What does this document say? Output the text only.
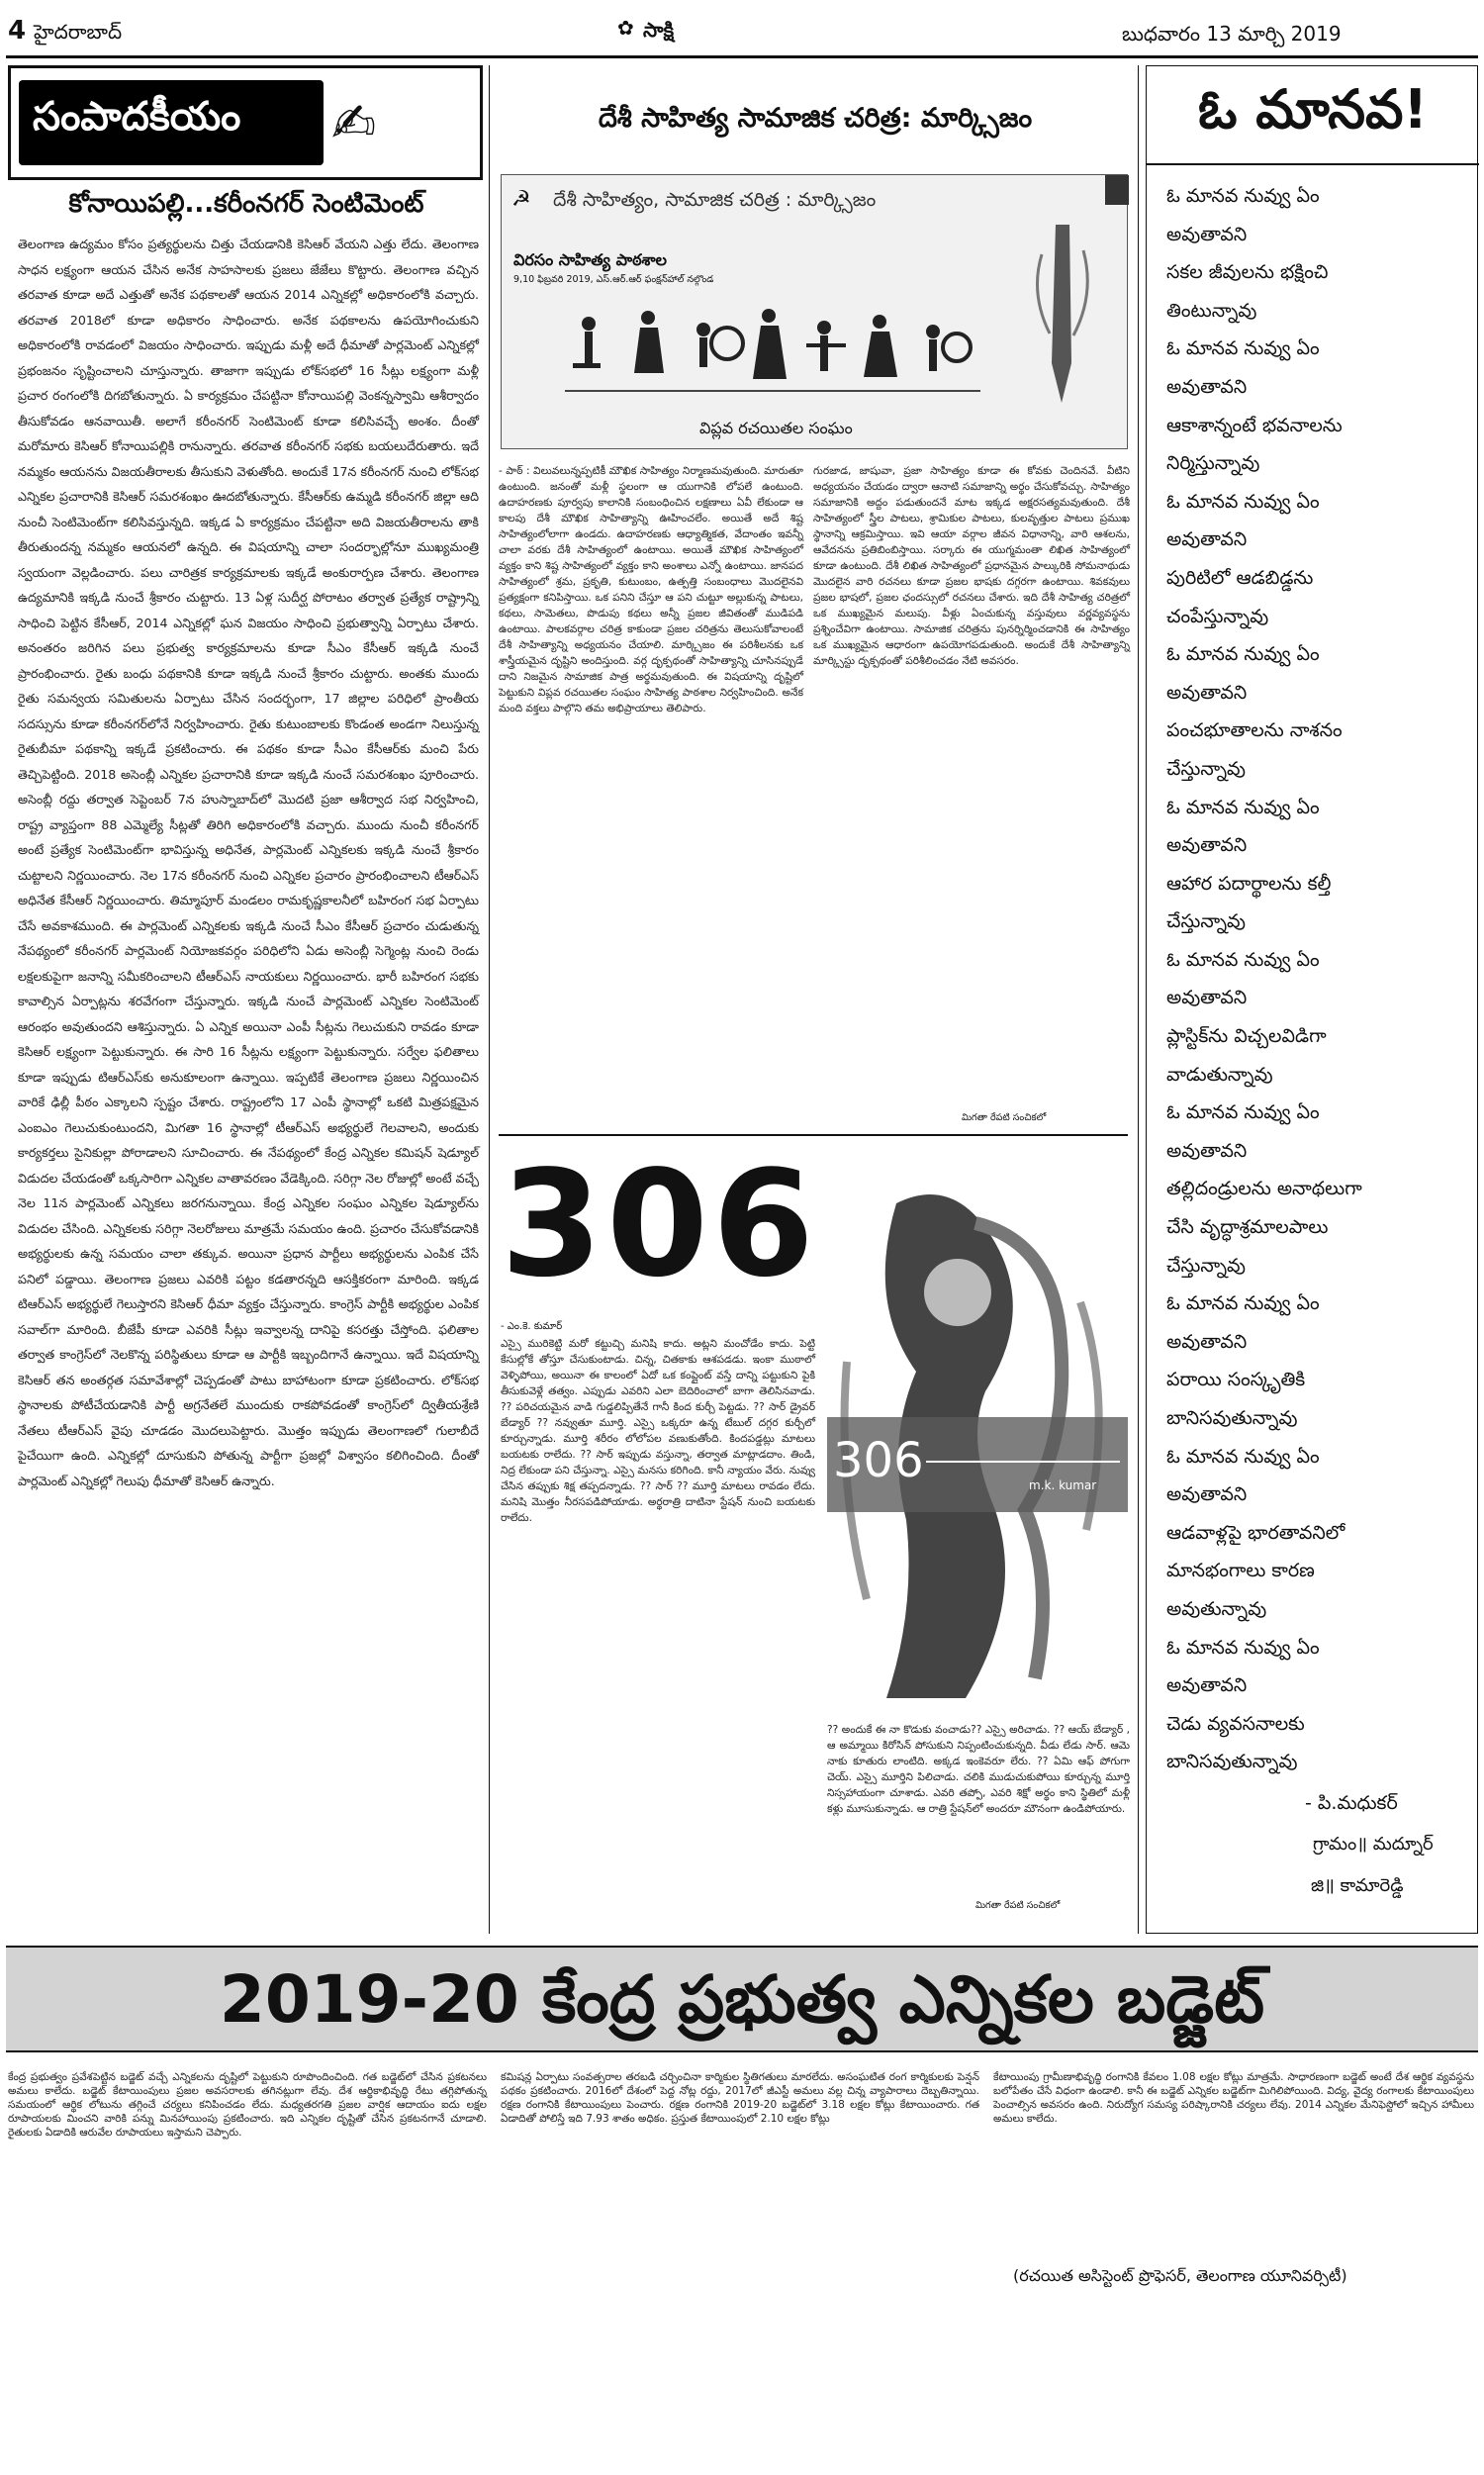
4 హైదరాబాద్	✿ సాక్షి	బుధవారం 13 మార్చి 2019
సంపాదకీయం ✍
కోనాయిపల్లి...కరీంనగర్ సెంటిమెంట్
తెలంగాణ ఉద్యమం కోసం ప్రత్యర్థులను చిత్తు చేయడానికి కెసిఆర్ వేయని ఎత్తు లేదు. తెలంగాణ సాధన లక్ష్యంగా ఆయన చేసిన అనేక సాహసాలకు ప్రజలు జేజేలు కొట్టారు. తెలంగాణ వచ్చిన తరవాత కూడా అదే ఎత్తుతో అనేక పథకాలతో ఆయన 2014 ఎన్నికల్లో అధికారంలోకి వచ్చారు. తరవాత 2018లో కూడా అధికారం సాధించారు. అనేక పథకాలను ఉపయోగించుకుని అధికారంలోకి రావడంలో విజయం సాధించారు. ఇప్పుడు మళ్లీ అదే ధీమాతో పార్లమెంట్ ఎన్నికల్లో ప్రభంజనం సృష్టించాలని చూస్తున్నారు. తాజాగా ఇప్పుడు లోక్‌సభలో 16 సీట్లు లక్ష్యంగా మళ్లీ ప్రచార రంగంలోకి దిగబోతున్నారు. ఏ కార్యక్రమం చేపట్టినా కోనాయిపల్లి వెంకన్నస్వామి ఆశీర్వాదం తీసుకోవడం ఆనవాయితీ. అలాగే కరీంనగర్ సెంటిమెంట్ కూడా కలిసివచ్చే అంశం. దీంతో మరోమారు కెసిఆర్ కోనాయిపల్లికి రానున్నారు. తరవాత కరీంనగర్ సభకు బయలుదేరుతారు. ఇదే నమ్మకం ఆయనను విజయతీరాలకు తీసుకుని వెళుతోంది. అందుకే 17న కరీంనగర్ నుంచి లోక్‌సభ ఎన్నికల ప్రచారానికి కెసిఆర్ సమరశంఖం ఊదబోతున్నారు. కేసీఆర్‌కు ఉమ్మడి కరీంనగర్ జిల్లా ఆది నుంచీ సెంటిమెంట్‌గా కలిసివస్తున్నది. ఇక్కడ ఏ కార్యక్రమం చేపట్టినా అది విజయతీరాలను తాకి తీరుతుందన్న నమ్మకం ఆయనలో ఉన్నది. ఈ విషయాన్ని చాలా సందర్భాల్లోనూ ముఖ్యమంత్రి స్వయంగా వెల్లడించారు. పలు చారిత్రక కార్యక్రమాలకు ఇక్కడే అంకురార్పణ చేశారు. తెలంగాణ ఉద్యమానికి ఇక్కడి నుంచే శ్రీకారం చుట్టారు. 13 ఏళ్ల సుదీర్ఘ పోరాటం తర్వాత ప్రత్యేక రాష్ట్రాన్ని సాధించి పెట్టిన కేసీఆర్, 2014 ఎన్నికల్లో ఘన విజయం సాధించి ప్రభుత్వాన్ని ఏర్పాటు చేశారు. అనంతరం జరిగిన పలు ప్రభుత్వ కార్యక్రమాలను కూడా సీఎం కేసీఆర్ ఇక్కడి నుంచే ప్రారంభించారు. రైతు బంధు పథకానికి కూడా ఇక్కడి నుంచే శ్రీకారం చుట్టారు. అంతకు ముందు రైతు సమన్వయ సమితులను ఏర్పాటు చేసిన సందర్భంగా, 17 జిల్లాల పరిధిలో ప్రాంతీయ సదస్సును కూడా కరీంనగర్‌లోనే నిర్వహించారు. రైతు కుటుంబాలకు కొండంత అండగా నిలుస్తున్న రైతుబీమా పథకాన్ని ఇక్కడే ప్రకటించారు. ఈ పథకం కూడా సీఎం కేసీఆర్‌కు మంచి పేరు తెచ్చిపెట్టింది. 2018 అసెంబ్లీ ఎన్నికల ప్రచారానికి కూడా ఇక్కడి నుంచే సమరశంఖం పూరించారు. అసెంబ్లీ రద్దు తర్వాత సెప్టెంబర్ 7న హుస్నాబాద్‌లో మొదటి ప్రజా ఆశీర్వాద సభ నిర్వహించి, రాష్ట్ర వ్యాప్తంగా 88 ఎమ్మెల్యే సీట్లతో తిరిగి అధికారంలోకి వచ్చారు. ముందు నుంచీ కరీంనగర్ అంటే ప్రత్యేక సెంటిమెంట్‌గా భావిస్తున్న అధినేత, పార్లమెంట్ ఎన్నికలకు ఇక్కడి నుంచే శ్రీకారం చుట్టాలని నిర్ణయించారు. నెల 17న కరీంనగర్ నుంచి ఎన్నికల ప్రచారం ప్రారంభించాలని టీఆర్ఎస్ అధినేత కేసీఆర్ నిర్ణయించారు. తిమ్మాపూర్ మండలం రామకృష్ణకాలనీలో బహిరంగ సభ ఏర్పాటు చేసే అవకాశముంది. ఈ పార్లమెంట్ ఎన్నికలకు ఇక్కడి నుంచే సీఎం కేసీఆర్ ప్రచారం చుడుతున్న నేపథ్యంలో కరీంనగర్ పార్లమెంట్ నియోజకవర్గం పరిధిలోని ఏడు అసెంబ్లీ సెగ్మెంట్ల నుంచి రెండు లక్షలకుపైగా జనాన్ని సమీకరించాలని టీఆర్ఎస్ నాయకులు నిర్ణయించారు. భారీ బహిరంగ సభకు కావాల్సిన ఏర్పాట్లను శరవేగంగా చేస్తున్నారు. ఇక్కడి నుంచే పార్లమెంట్ ఎన్నికల సెంటిమెంట్ ఆరంభం అవుతుందని ఆశిస్తున్నారు. ఏ ఎన్నిక అయినా ఎంపీ సీట్లను గెలుచుకుని రావడం కూడా కెసిఆర్ లక్ష్యంగా పెట్టుకున్నారు. ఈ సారి 16 సీట్లను లక్ష్యంగా పెట్టుకున్నారు. సర్వేల ఫలితాలు కూడా ఇప్పుడు టిఆర్ఎస్‌కు అనుకూలంగా ఉన్నాయి. ఇప్పటికే తెలంగాణ ప్రజలు నిర్ణయించిన వారికే ఢిల్లీ పీఠం ఎక్కాలని స్పష్టం చేశారు. రాష్ట్రంలోని 17 ఎంపీ స్థానాల్లో ఒకటి మిత్రపక్షమైన ఎంఐఎం గెలుచుకుంటుందని, మిగతా 16 స్థానాల్లో టీఆర్ఎస్ అభ్యర్థులే గెలవాలని, అందుకు కార్యకర్తలు సైనికుల్లా పోరాడాలని సూచించారు. ఈ నేపథ్యంలో కేంద్ర ఎన్నికల కమిషన్ షెడ్యూల్ విడుదల చేయడంతో ఒక్కసారిగా ఎన్నికల వాతావరణం వేడెక్కింది. సరిగ్గా నెల రోజుల్లో అంటే వచ్చే నెల 11న పార్లమెంట్ ఎన్నికలు జరగనున్నాయి. కేంద్ర ఎన్నికల సంఘం ఎన్నికల షెడ్యూల్‌ను విడుదల చేసింది. ఎన్నికలకు సరిగ్గా నెలరోజులు మాత్రమే సమయం ఉంది. ప్రచారం చేసుకోవడానికి అభ్యర్థులకు ఉన్న సమయం చాలా తక్కువ. అయినా ప్రధాన పార్టీలు అభ్యర్థులను ఎంపిక చేసే పనిలో పడ్డాయి. తెలంగాణ ప్రజలు ఎవరికి పట్టం కడతారన్నది ఆసక్తికరంగా మారింది. ఇక్కడ టిఆర్ఎస్ అభ్యర్థులే గెలుస్తారని కెసిఆర్ ధీమా వ్యక్తం చేస్తున్నారు. కాంగ్రెస్ పార్టీకి అభ్యర్థుల ఎంపిక సవాల్‌గా మారింది. బీజేపీ కూడా ఎవరికి సీట్లు ఇవ్వాలన్న దానిపై కసరత్తు చేస్తోంది. ఫలితాల తర్వాత కాంగ్రెస్‌లో నెలకొన్న పరిస్థితులు కూడా ఆ పార్టీకి ఇబ్బందిగానే ఉన్నాయి. ఇదే విషయాన్ని కెసిఆర్ తన అంతర్గత సమావేశాల్లో చెప్పడంతో పాటు బాహాటంగా కూడా ప్రకటించారు. లోక్‌సభ స్థానాలకు పోటీచేయడానికి పార్టీ అగ్రనేతలే ముందుకు రాకపోవడంతో కాంగ్రెస్‌లో ద్వితీయశ్రేణి నేతలు టీఆర్ఎస్ వైపు చూడడం మొదలుపెట్టారు. మొత్తం ఇప్పుడు తెలంగాణలో గులాబీదే పైచేయిగా ఉంది. ఎన్నికల్లో దూసుకుని పోతున్న పార్టీగా ప్రజల్లో విశ్వాసం కలిగించింది. దీంతో పార్లమెంట్ ఎన్నికల్లో గెలుపు ధీమాతో కెసిఆర్ ఉన్నారు.
దేశీ సాహిత్య సామాజిక చరిత్ర: మార్క్సిజం
☭ దేశీ సాహిత్యం, సామాజిక చరిత్ర : మార్క్సిజం
విరసం సాహిత్య పాఠశాల
9,10 ఫిబ్రవరి 2019, ఎస్.ఆర్.ఆర్ ఫంక్షన్‌హాల్ నల్గొండ
విప్లవ రచయితల సంఘం
- పాఠ్ : విలువలున్నప్పటికీ మౌఖిక సాహిత్యం నిర్మాణమవుతుంది. మారుతూ ఉంటుంది. జనంతో మళ్లీ స్థలంగా ఆ యుగానికి లోపలే ఉంటుంది. ఉదాహరణకు పూర్వపు కాలానికి సంబంధించిన లక్షణాలు ఏవీ లేకుండా ఆ కాలపు దేశీ మౌఖిక సాహిత్యాన్ని ఊహించలేం. అయితే అదే శిష్ట సాహిత్యంలోలాగా ఉండదు. ఉదాహరణకు ఆధ్యాత్మికత, వేదాంతం ఇవన్నీ చాలా వరకు దేశీ సాహిత్యంలో ఉంటాయి. అయితే మౌఖిక సాహిత్యంలో వ్యక్తం కాని శిష్ట సాహిత్యంలో వ్యక్తం కాని అంశాలు ఎన్నో ఉంటాయి. జానపద సాహిత్యంలో శ్రమ, ప్రకృతి, కుటుంబం, ఉత్పత్తి సంబంధాలు మొదలైనవి ప్రత్యక్షంగా కనిపిస్తాయి. ఒక పనిని చేస్తూ ఆ పని చుట్టూ అల్లుకున్న పాటలు, కథలు, సామెతలు, పొడుపు కథలు అన్నీ ప్రజల జీవితంతో ముడిపడి ఉంటాయి. పాలకవర్గాల చరిత్ర కాకుండా ప్రజల చరిత్రను తెలుసుకోవాలంటే దేశీ సాహిత్యాన్ని అధ్యయనం చేయాలి. మార్క్సిజం ఈ పరిశీలనకు ఒక శాస్త్రీయమైన దృష్టిని అందిస్తుంది. వర్గ దృక్పథంతో సాహిత్యాన్ని చూసినప్పుడే దాని నిజమైన సామాజిక పాత్ర అర్థమవుతుంది. ఈ విషయాన్ని దృష్టిలో పెట్టుకుని విప్లవ రచయితల సంఘం సాహిత్య పాఠశాల నిర్వహించింది. అనేక మంది వక్తలు పాల్గొని తమ అభిప్రాయాలు తెలిపారు.
గురజాడ, జాషువా, ప్రజా సాహిత్యం కూడా ఈ కోవకు చెందినవే. వీటిని అధ్యయనం చేయడం ద్వారా ఆనాటి సమాజాన్ని అర్థం చేసుకోవచ్చు. సాహిత్యం సమాజానికి అద్దం పడుతుందనే మాట ఇక్కడ అక్షరసత్యమవుతుంది. దేశీ సాహిత్యంలో స్త్రీల పాటలు, శ్రామికుల పాటలు, కులవృత్తుల పాటలు ప్రముఖ స్థానాన్ని ఆక్రమిస్తాయి. ఇవి ఆయా వర్గాల జీవన విధానాన్ని, వారి ఆశలను, ఆవేదనను ప్రతిబింబిస్తాయి. సర్కారు ఈ యుగ్మమంతా లిఖిత సాహిత్యంలో కూడా ఉంటుంది. దేశీ లిఖిత సాహిత్యంలో ప్రధానమైన పాల్కురికి సోమనాథుడు మొదలైన వారి రచనలు కూడా ప్రజల భాషకు దగ్గరగా ఉంటాయి. శివకవులు ప్రజల భాషలో, ప్రజల ఛందస్సులో రచనలు చేశారు. ఇది దేశీ సాహిత్య చరిత్రలో ఒక ముఖ్యమైన మలుపు. వీళ్లు ఏంచుకున్న వస్తువులు వర్ణవ్యవస్థను ప్రశ్నించేవిగా ఉంటాయి. సామాజిక చరిత్రను పునర్నిర్మించడానికి ఈ సాహిత్యం ఒక ముఖ్యమైన ఆధారంగా ఉపయోగపడుతుంది. అందుకే దేశీ సాహిత్యాన్ని మార్క్సిస్టు దృక్పథంతో పరిశీలించడం నేటి అవసరం.
మిగతా రేపటి సంచికలో
306
306	m.k. kumar
- ఎం.కె. కుమార్
ఎస్సై మురికెట్టి మరో కట్టుచ్చి మనిషి కాదు. అట్లని మంచోడేం కాదు. పెట్టి కేసుల్లోకే తోస్తూ చేసుకుంటాడు. చిన్న, చితకాకు ఆశపడడు. ఇంకా ముఠాలో వెళ్ళిపోయి, అయినా ఈ కాలంలో ఏదో ఒక కంప్లైంట్ వస్తే దాన్ని పట్టుకుని పైకి తీసుకువెళ్లే తత్వం. ఎప్పుడు ఎవరిని ఎలా బెదిరించాలో బాగా తెలిసినవాడు. ?? పరిచయమైన వాడి గుడ్డలిప్పితేనే గానీ కింద కుర్చీ పెట్టడు. ?? సార్ డ్రైవర్ బేడ్యార్ ?? నవ్వుతూ మూర్తి. ఎస్సై ఒక్కరూ ఉన్న టేబుల్ దగ్గర కుర్చీలో కూర్చున్నాడు. మూర్తి శరీరం లోలోపల వణుకుతోంది. కిందపడ్డట్లు మాటలు బయటకు రాలేదు. ?? సార్ ఇప్పుడు వస్తున్నా, తర్వాత మాట్లాడదాం. తిండి, నిద్ర లేకుండా పని చేస్తున్నా. ఎస్సై మనసు కరిగింది. కానీ న్యాయం వేరు. నువ్వు చేసిన తప్పుకు శిక్ష తప్పదన్నాడు. ?? సార్ ?? మూర్తి మాటలు రావడం లేదు. మనిషి మొత్తం నీరసపడిపోయాడు. అర్థరాత్రి దాటినా స్టేషన్ నుంచి బయటకు రాలేదు.
?? అందుకే ఈ నా కొడుకు వంచాడు?? ఎస్సై అరిచాడు. ?? ఆయ్ బేడ్యార్ , ఆ అమ్మాయి కిరోసిన్ పోసుకుని నిప్పంటించుకున్నది. వీడు లేడు సార్. ఆమె నాకు కూతురు లాంటిది. అక్కడ ఇంకెవరూ లేరు. ?? ఏమి ఆఫ్ పోగుగా చెయ్. ఎస్సై మూర్తిని పిలిచాడు. చలికి ముడుచుకుపోయి కూర్చున్న మూర్తి నిస్సహాయంగా చూశాడు. ఎవరి తప్పో, ఎవరి శిక్షో అర్థం కాని స్థితిలో మళ్లీ కళ్లు మూసుకున్నాడు. ఆ రాత్రి స్టేషన్‌లో అందరూ మౌనంగా ఉండిపోయారు.
మిగతా రేపటి సంచికలో
ఓ మానవ!
ఓ మానవ నువ్వు ఏం
అవుతావని
సకల జీవులను భక్షించి
తింటున్నావు
ఓ మానవ నువ్వు ఏం
అవుతావని
ఆకాశాన్నంటే భవనాలను
నిర్మిస్తున్నావు
ఓ మానవ నువ్వు ఏం
అవుతావని
పురిటిలో ఆడబిడ్డను
చంపేస్తున్నావు
ఓ మానవ నువ్వు ఏం
అవుతావని
పంచభూతాలను నాశనం
చేస్తున్నావు
ఓ మానవ నువ్వు ఏం
అవుతావని
ఆహార పదార్థాలను కల్తీ
చేస్తున్నావు
ఓ మానవ నువ్వు ఏం
అవుతావని
ప్లాస్టిక్‌ను విచ్చలవిడిగా
వాడుతున్నావు
ఓ మానవ నువ్వు ఏం
అవుతావని
తల్లిదండ్రులను అనాథలుగా
చేసి వృద్ధాశ్రమాలపాలు
చేస్తున్నావు
ఓ మానవ నువ్వు ఏం
అవుతావని
పరాయి సంస్కృతికి
బానిసవుతున్నావు
ఓ మానవ నువ్వు ఏం
అవుతావని
ఆడవాళ్లపై భారతావనిలో
మానభంగాలు కారణ
అవుతున్నావు
ఓ మానవ నువ్వు ఏం
అవుతావని
చెడు వ్యవసనాలకు
బానిసవుతున్నావు
- పి.మధుకర్
గ్రామం॥ మద్నూర్
జి॥ కామారెడ్డి
2019-20 కేంద్ర ప్రభుత్వ ఎన్నికల బడ్జెట్
కేంద్ర ప్రభుత్వం ప్రవేశపెట్టిన బడ్జెట్ వచ్చే ఎన్నికలను దృష్టిలో పెట్టుకుని రూపొందించింది. గత బడ్జెట్‌లో చేసిన ప్రకటనలు అమలు కాలేదు. బడ్జెట్ కేటాయింపులు ప్రజల అవసరాలకు తగినట్లుగా లేవు. దేశ ఆర్థికాభివృద్ధి రేటు తగ్గిపోతున్న సమయంలో ఆర్థిక లోటును తగ్గించే చర్యలు కనిపించడం లేదు. మధ్యతరగతి ప్రజల వార్షిక ఆదాయం ఐదు లక్షల రూపాయలకు మించని వారికి పన్ను మినహాయింపు ప్రకటించారు. ఇది ఎన్నికల దృష్టితో చేసిన ప్రకటనగానే చూడాలి. రైతులకు ఏడాదికి ఆరువేల రూపాయలు ఇస్తామని చెప్పారు.
కమిషన్ల ఏర్పాటు సంవత్సరాల తరబడి చర్చించినా కార్మికుల స్థితిగతులు మారలేదు. అసంఘటిత రంగ కార్మికులకు పెన్షన్ పథకం ప్రకటించారు. 2016లో దేశంలో పెద్ద నోట్ల రద్దు, 2017లో జీఎస్టీ అమలు వల్ల చిన్న వ్యాపారాలు దెబ్బతిన్నాయి. రక్షణ రంగానికి కేటాయింపులు పెంచారు. రక్షణ రంగానికి 2019-20 బడ్జెట్‌లో 3.18 లక్షల కోట్లు కేటాయించారు. గత ఏడాదితో పోలిస్తే ఇది 7.93 శాతం అధికం. ప్రస్తుత కేటాయింపులో 2.10 లక్షల కోట్లు
కేటాయింపు గ్రామీణాభివృద్ధి రంగానికి కేవలం 1.08 లక్షల కోట్లు మాత్రమే. సాధారణంగా బడ్జెట్ అంటే దేశ ఆర్థిక వ్యవస్థను బలోపేతం చేసే విధంగా ఉండాలి. కానీ ఈ బడ్జెట్ ఎన్నికల బడ్జెట్‌గా మిగిలిపోయింది. విద్య, వైద్య రంగాలకు కేటాయింపులు పెంచాల్సిన అవసరం ఉంది. నిరుద్యోగ సమస్య పరిష్కారానికి చర్యలు లేవు. 2014 ఎన్నికల మేనిఫెస్టోలో ఇచ్చిన హామీలు అమలు కాలేదు.
(రచయిత అసిస్టెంట్ ప్రొఫెసర్, తెలంగాణ యూనివర్సిటీ)
